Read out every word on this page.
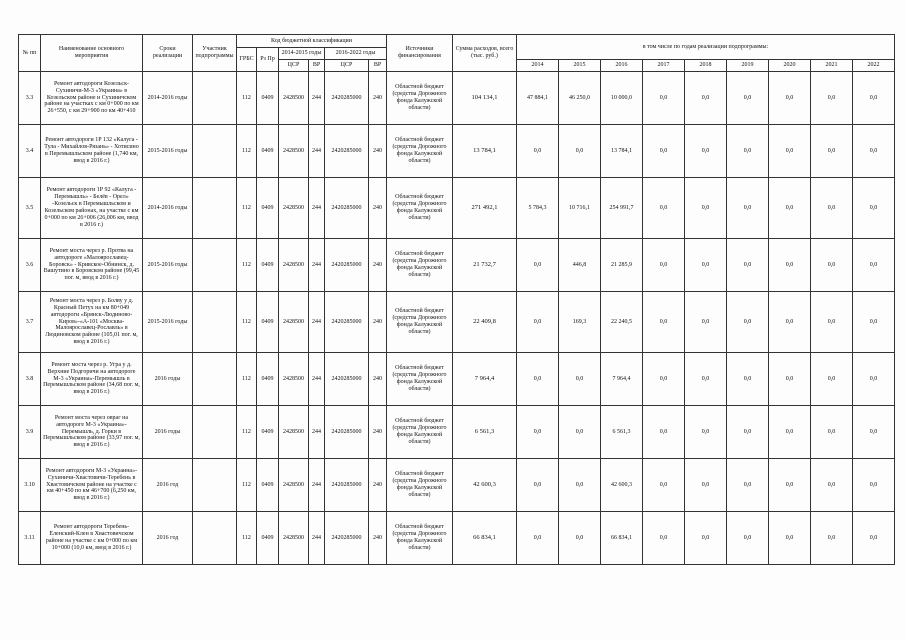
№ пп	Наименование основного мероприятия	Сроки реализации	Участник подпрограммы	Код бюджетной классификации						Источники финансирования	Сумма расходов, всего (тыс. руб.)	в том числе по годам реализации подпрограммы:								
				ГРБС	Рз Пр	2014-2015 годы		2016-2022 годы												
						ЦСР	ВР	ЦСР	ВР											
												2014	2015	2016	2017	2018	2019	2020	2021	2022
3.3	Ремонт автодороги Козельск-Сухиничи-М-3 «Украина» в Козельском районе и Сухиничском районе на участках с км 0+000 по км 26+550, с км 29+900 по км 40+410	2014-2016 годы		112	0409	2428500	244	2420285000	240	Областной бюджет (средства Дорожного фонда Калужской области)	104 134,1	47 884,1	46 250,0	10 000,0	0,0	0,0	0,0	0,0	0,0	0,0
3.4	Ремонт автодороги 1Р 132 «Калуга - Тула - Михайлов-Рязань» - Хотисино в Перемышльском районе (1,740 км, ввод в 2016 г.)	2015-2016 годы		112	0409	2428500	244	2420285000	240	Областной бюджет (средства Дорожного фонда Калужской области)	13 784,1	0,0	0,0	13 784,1	0,0	0,0	0,0	0,0	0,0	0,0
3.5	Ремонт автодороги 1Р 92 «Калуга - Перемышль» - Белёв - Орел» -Козельск в Перемышльском и Козельском районах, на участке с км 0+000 по км 26+006 (26,006 км, ввод в 2016 г.)	2014-2016 годы		112	0409	2428500	244	2420285000	240	Областной бюджет (средства Дорожного фонда Калужской области)	271 492,1	5 784,3	10 716,1	254 991,7	0,0	0,0	0,0	0,0	0,0	0,0
3.6	Ремонт моста через р. Протва на автодороге «Малоярославец-Боровск» - Кривское-Обнинск, д. Вашутино в Боровском районе (99,45 пог. м, ввод в 2016 г.)	2015-2016 годы		112	0409	2428500	244	2420285000	240	Областной бюджет (средства Дорожного фонда Калужской области)	21 732,7	0,0	446,8	21 285,9	0,0	0,0	0,0	0,0	0,0	0,0
3.7	Ремонт моста через р. Болву у д. Красный Петух на км 80+049 автодороги «Брянск-Людиново-Киров»-«А-101 «Москва-Малоярославец-Рославль» в Людиновском районе (105,01 пог. м, ввод в 2016 г.)	2015-2016 годы		112	0409	2428500	244	2420285000	240	Областной бюджет (средства Дорожного фонда Калужской области)	22 409,8	0,0	169,3	22 240,5	0,0	0,0	0,0	0,0	0,0	0,0
3.8	Ремонт моста через р. Угра у д. Верхние Подгоричи на автодороге М-3 «Украина»-Перемышль в Перемышльском районе (34,68 пог. м, ввод в 2016 г.)	2016 годы		112	0409	2428500	244	2420285000	240	Областной бюджет (средства Дорожного фонда Калужской области)	7 964,4	0,0	0,0	7 964,4	0,0	0,0	0,0	0,0	0,0	0,0
3.9	Ремонт моста через овраг на автодороге М-3 «Украина»-Перемышль, д. Горки в Перемышльском районе (33,97 пог. м, ввод в 2016 г.)	2016 годы		112	0409	2428500	244	2420285000	240	Областной бюджет (средства Дорожного фонда Калужской области)	6 561,3	0,0	0,0	6 561,3	0,0	0,0	0,0	0,0	0,0	0,0
3.10	Ремонт автодороги М-3 «Украина»-Сухиничи-Хвастовичи-Теребень в Хвастовичском районе на участке с км 40+450 по км 46+700 (6,250 км, ввод в 2016 г.)	2016 год		112	0409	2428500	244	2420285000	240	Областной бюджет (средства Дорожного фонда Калужской области)	42 600,3	0,0	0,0	42 600,3	0,0	0,0	0,0	0,0	0,0	0,0
3.11	Ремонт автодороги Теребень-Еленский-Клен в Хвастовичском районе на участке с км 0+000 по км 10+000 (10,0 км, ввод в 2016 г.)	2016 год		112	0409	2428500	244	2420285000	240	Областной бюджет (средства Дорожного фонда Калужской области)	66 834,1	0,0	0,0	66 834,1	0,0	0,0	0,0	0,0	0,0	0,0
